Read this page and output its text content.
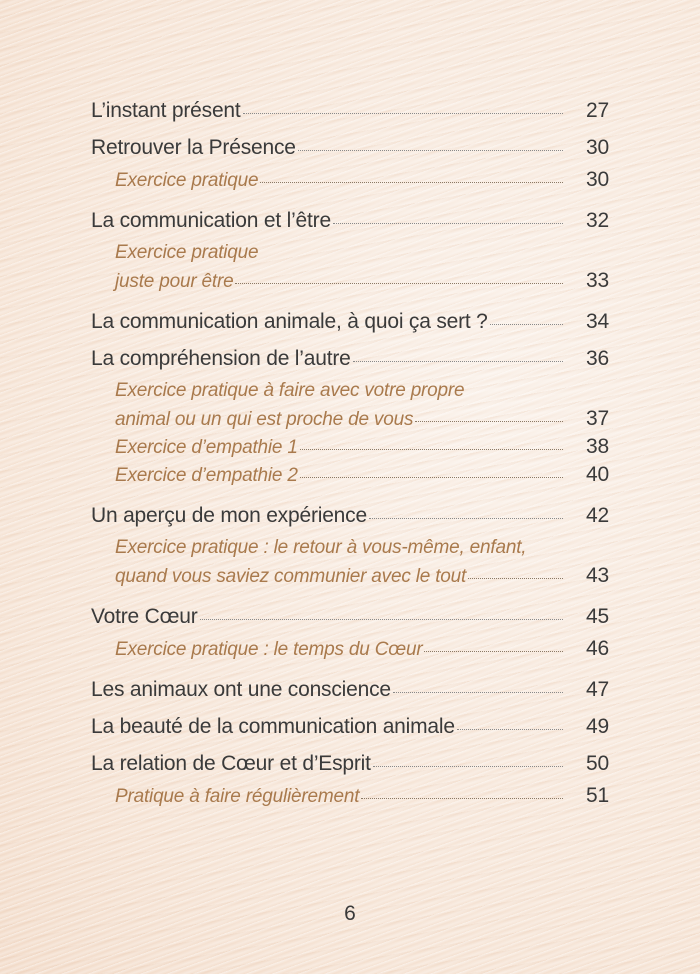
L’instant présent	27
Retrouver la Présence	30
Exercice pratique	30
La communication et l’être	32
Exercice pratique
juste pour être	33
La communication animale, à quoi ça sert ?	34
La compréhension de l’autre	36
Exercice pratique à faire avec votre propre
animal ou un qui est proche de vous	37
Exercice d’empathie 1	38
Exercice d’empathie 2	40
Un aperçu de mon expérience	42
Exercice pratique : le retour à vous-même, enfant,
quand vous saviez communier avec le tout	43
Votre Cœur	45
Exercice pratique : le temps du Cœur	46
Les animaux ont une conscience	47
La beauté de la communication animale	49
La relation de Cœur et d’Esprit	50
Pratique à faire régulièrement	51
6
